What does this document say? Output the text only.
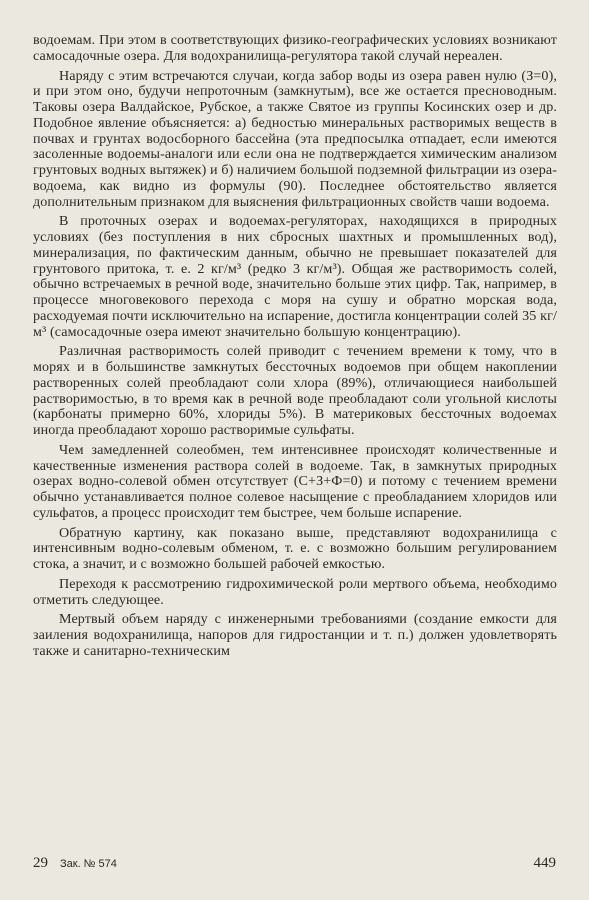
водоемам. При этом в соответствующих физико-географических условиях возникают самосадочные озера. Для водохранилища-регулятора такой случай нереален.

Наряду с этим встречаются случаи, когда забор воды из озера равен нулю (З=0), и при этом оно, будучи непроточным (замкнутым), все же остается пресноводным. Таковы озера Валдайское, Рубское, а также Святое из группы Косинских озер и др. Подобное явление объясняется: а) бедностью минеральных растворимых веществ в почвах и грунтах водосборного бассейна (эта предпосылка отпадает, если имеются засоленные водоемы-аналоги или если она не подтверждается химическим анализом грунтовых водных вытяжек) и б) наличием большой подземной фильтрации из озера-водоема, как видно из формулы (90). Последнее обстоятельство является дополнительным признаком для выяснения фильтрационных свойств чаши водоема.

В проточных озерах и водоемах-регуляторах, находящихся в природных условиях (без поступления в них сбросных шахтных и промышленных вод), минерализация, по фактическим данным, обычно не превышает показателей для грунтового притока, т. е. 2 кг/м³ (редко 3 кг/м³). Общая же растворимость солей, обычно встречаемых в речной воде, значительно больше этих цифр. Так, например, в процессе многовекового перехода с моря на сушу и обратно морская вода, расходуемая почти исключительно на испарение, достигла концентрации солей 35 кг/м³ (самосадочные озера имеют значительно большую концентрацию).

Различная растворимость солей приводит с течением времени к тому, что в морях и в большинстве замкнутых бессточных водоемов при общем накоплении растворенных солей преобладают соли хлора (89%), отличающиеся наибольшей растворимостью, в то время как в речной воде преобладают соли угольной кислоты (карбонаты примерно 60%, хлориды 5%). В материковых бессточных водоемах иногда преобладают хорошо растворимые сульфаты.

Чем замедленней солеобмен, тем интенсивнее происходят количественные и качественные изменения раствора солей в водоеме. Так, в замкнутых природных озерах водно-солевой обмен отсутствует (С+З+Ф=0) и потому с течением времени обычно устанавливается полное солевое насыщение с преобладанием хлоридов или сульфатов, а процесс происходит тем быстрее, чем больше испарение.

Обратную картину, как показано выше, представляют водохранилища с интенсивным водно-солевым обменом, т. е. с возможно большим регулированием стока, а значит, и с возможно большей рабочей емкостью.

Переходя к рассмотрению гидрохимической роли мертвого объема, необходимо отметить следующее.

Мертвый объем наряду с инженерными требованиями (создание емкости для заиления водохранилища, напоров для гидростанции и т. п.) должен удовлетворять также и санитарно-техническим

29 Зак. № 574	449
